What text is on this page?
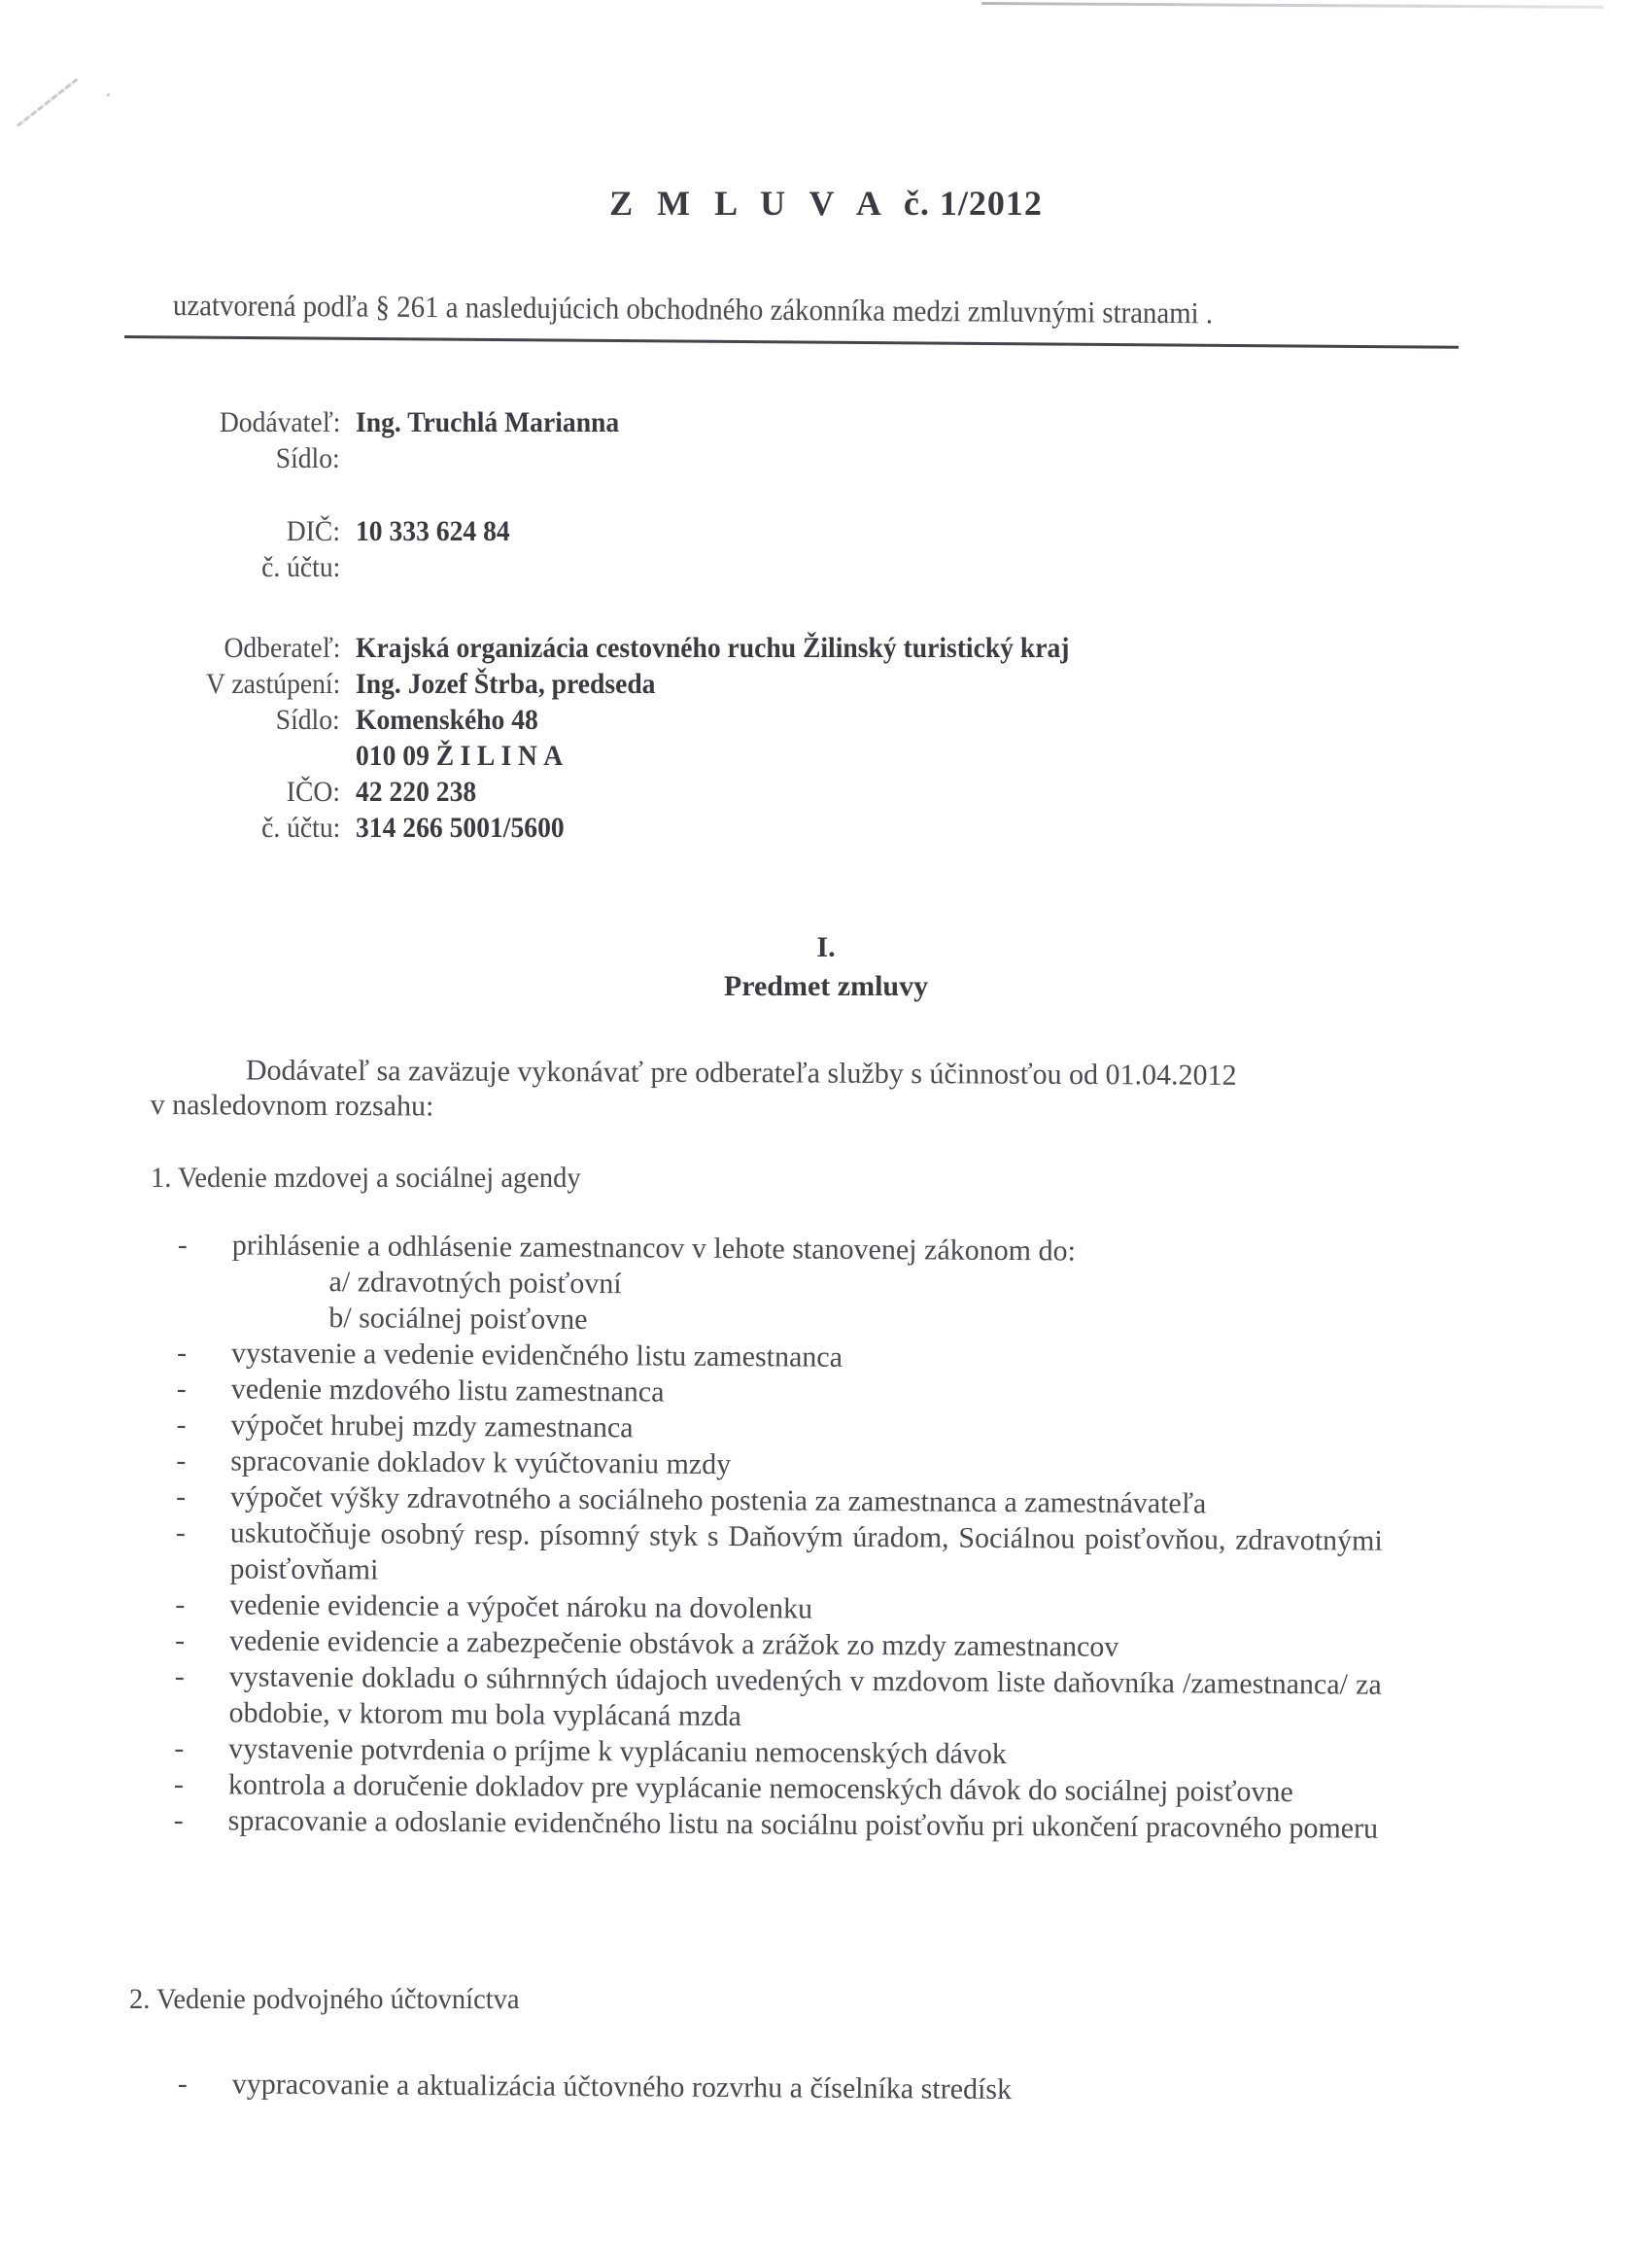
Z M L U V A č. 1/2012
uzatvorená podľa § 261 a nasledujúcich obchodného zákonníka medzi zmluvnými stranami .
Dodávateľ: Ing. Truchlá Marianna
Sídlo:
DIČ: 10 333 624 84
č. účtu:
Odberateľ: Krajská organizácia cestovného ruchu Žilinský turistický kraj
V zastúpení: Ing. Jozef Štrba, predseda
Sídlo: Komenského 48
010 09 ŽILINA
IČO: 42 220 238
č. účtu: 314 266 5001/5600
I.
Predmet zmluvy
Dodávateľ sa zaväzuje vykonávať pre odberateľa služby s účinnosťou od 01.04.2012
v nasledovnom rozsahu:
1. Vedenie mzdovej a sociálnej agendy
- prihlásenie a odhlásenie zamestnancov v lehote stanovenej zákonom do:
a/ zdravotných poisťovní
b/ sociálnej poisťovne
- vystavenie a vedenie evidenčného listu zamestnanca
- vedenie mzdového listu zamestnanca
- výpočet hrubej mzdy zamestnanca
- spracovanie dokladov k vyúčtovaniu mzdy
- výpočet výšky zdravotného a sociálneho postenia za zamestnanca a zamestnávateľa
- uskutočňuje osobný resp. písomný styk s Daňovým úradom, Sociálnou poisťovňou, zdravotnými poisťovňami
- vedenie evidencie a výpočet nároku na dovolenku
- vedenie evidencie a zabezpečenie obstávok a zrážok zo mzdy zamestnancov
- vystavenie dokladu o súhrnných údajoch uvedených v mzdovom liste daňovníka /zamestnanca/ za obdobie, v ktorom mu bola vyplácaná mzda
- vystavenie potvrdenia o príjme k vyplácaniu nemocenských dávok
- kontrola a doručenie dokladov pre vyplácanie nemocenských dávok do sociálnej poisťovne
- spracovanie a odoslanie evidenčného listu na sociálnu poisťovňu pri ukončení pracovného pomeru
2. Vedenie podvojného účtovníctva
- vypracovanie a aktualizácia účtovného rozvrhu a číselníka stredísk
